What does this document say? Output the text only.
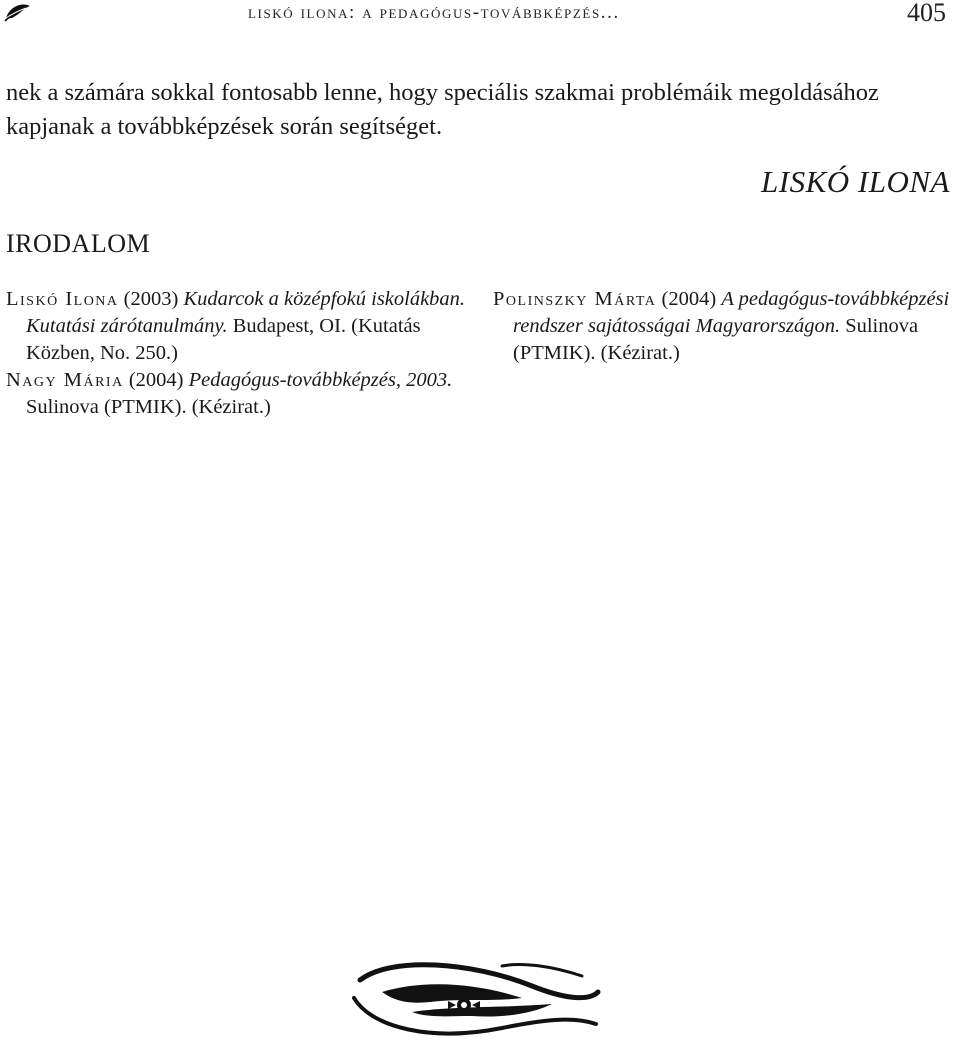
liskó ilona: a pedagógus-továbbképzés...	405

nek a számára sokkal fontosabb lenne, hogy speciális szakmai problémáik megoldásához kapjanak a továbbképzések során segítséget.

LISKÓ ILONA
IRODALOM

Liskó Ilona (2003) Kudarcok a középfokú iskolákban. Kutatási zárótanulmány. Budapest, OI. (Kutatás Közben, No. 250.)

Nagy Mária (2004) Pedagógus-továbbképzés, 2003. Sulinova (PTMIK). (Kézirat.)

Polinszky Márta (2004) A pedagógus-továbbképzési rendszer sajátosságai Magyarországon. Sulinova (PTMIK). (Kézirat.)
